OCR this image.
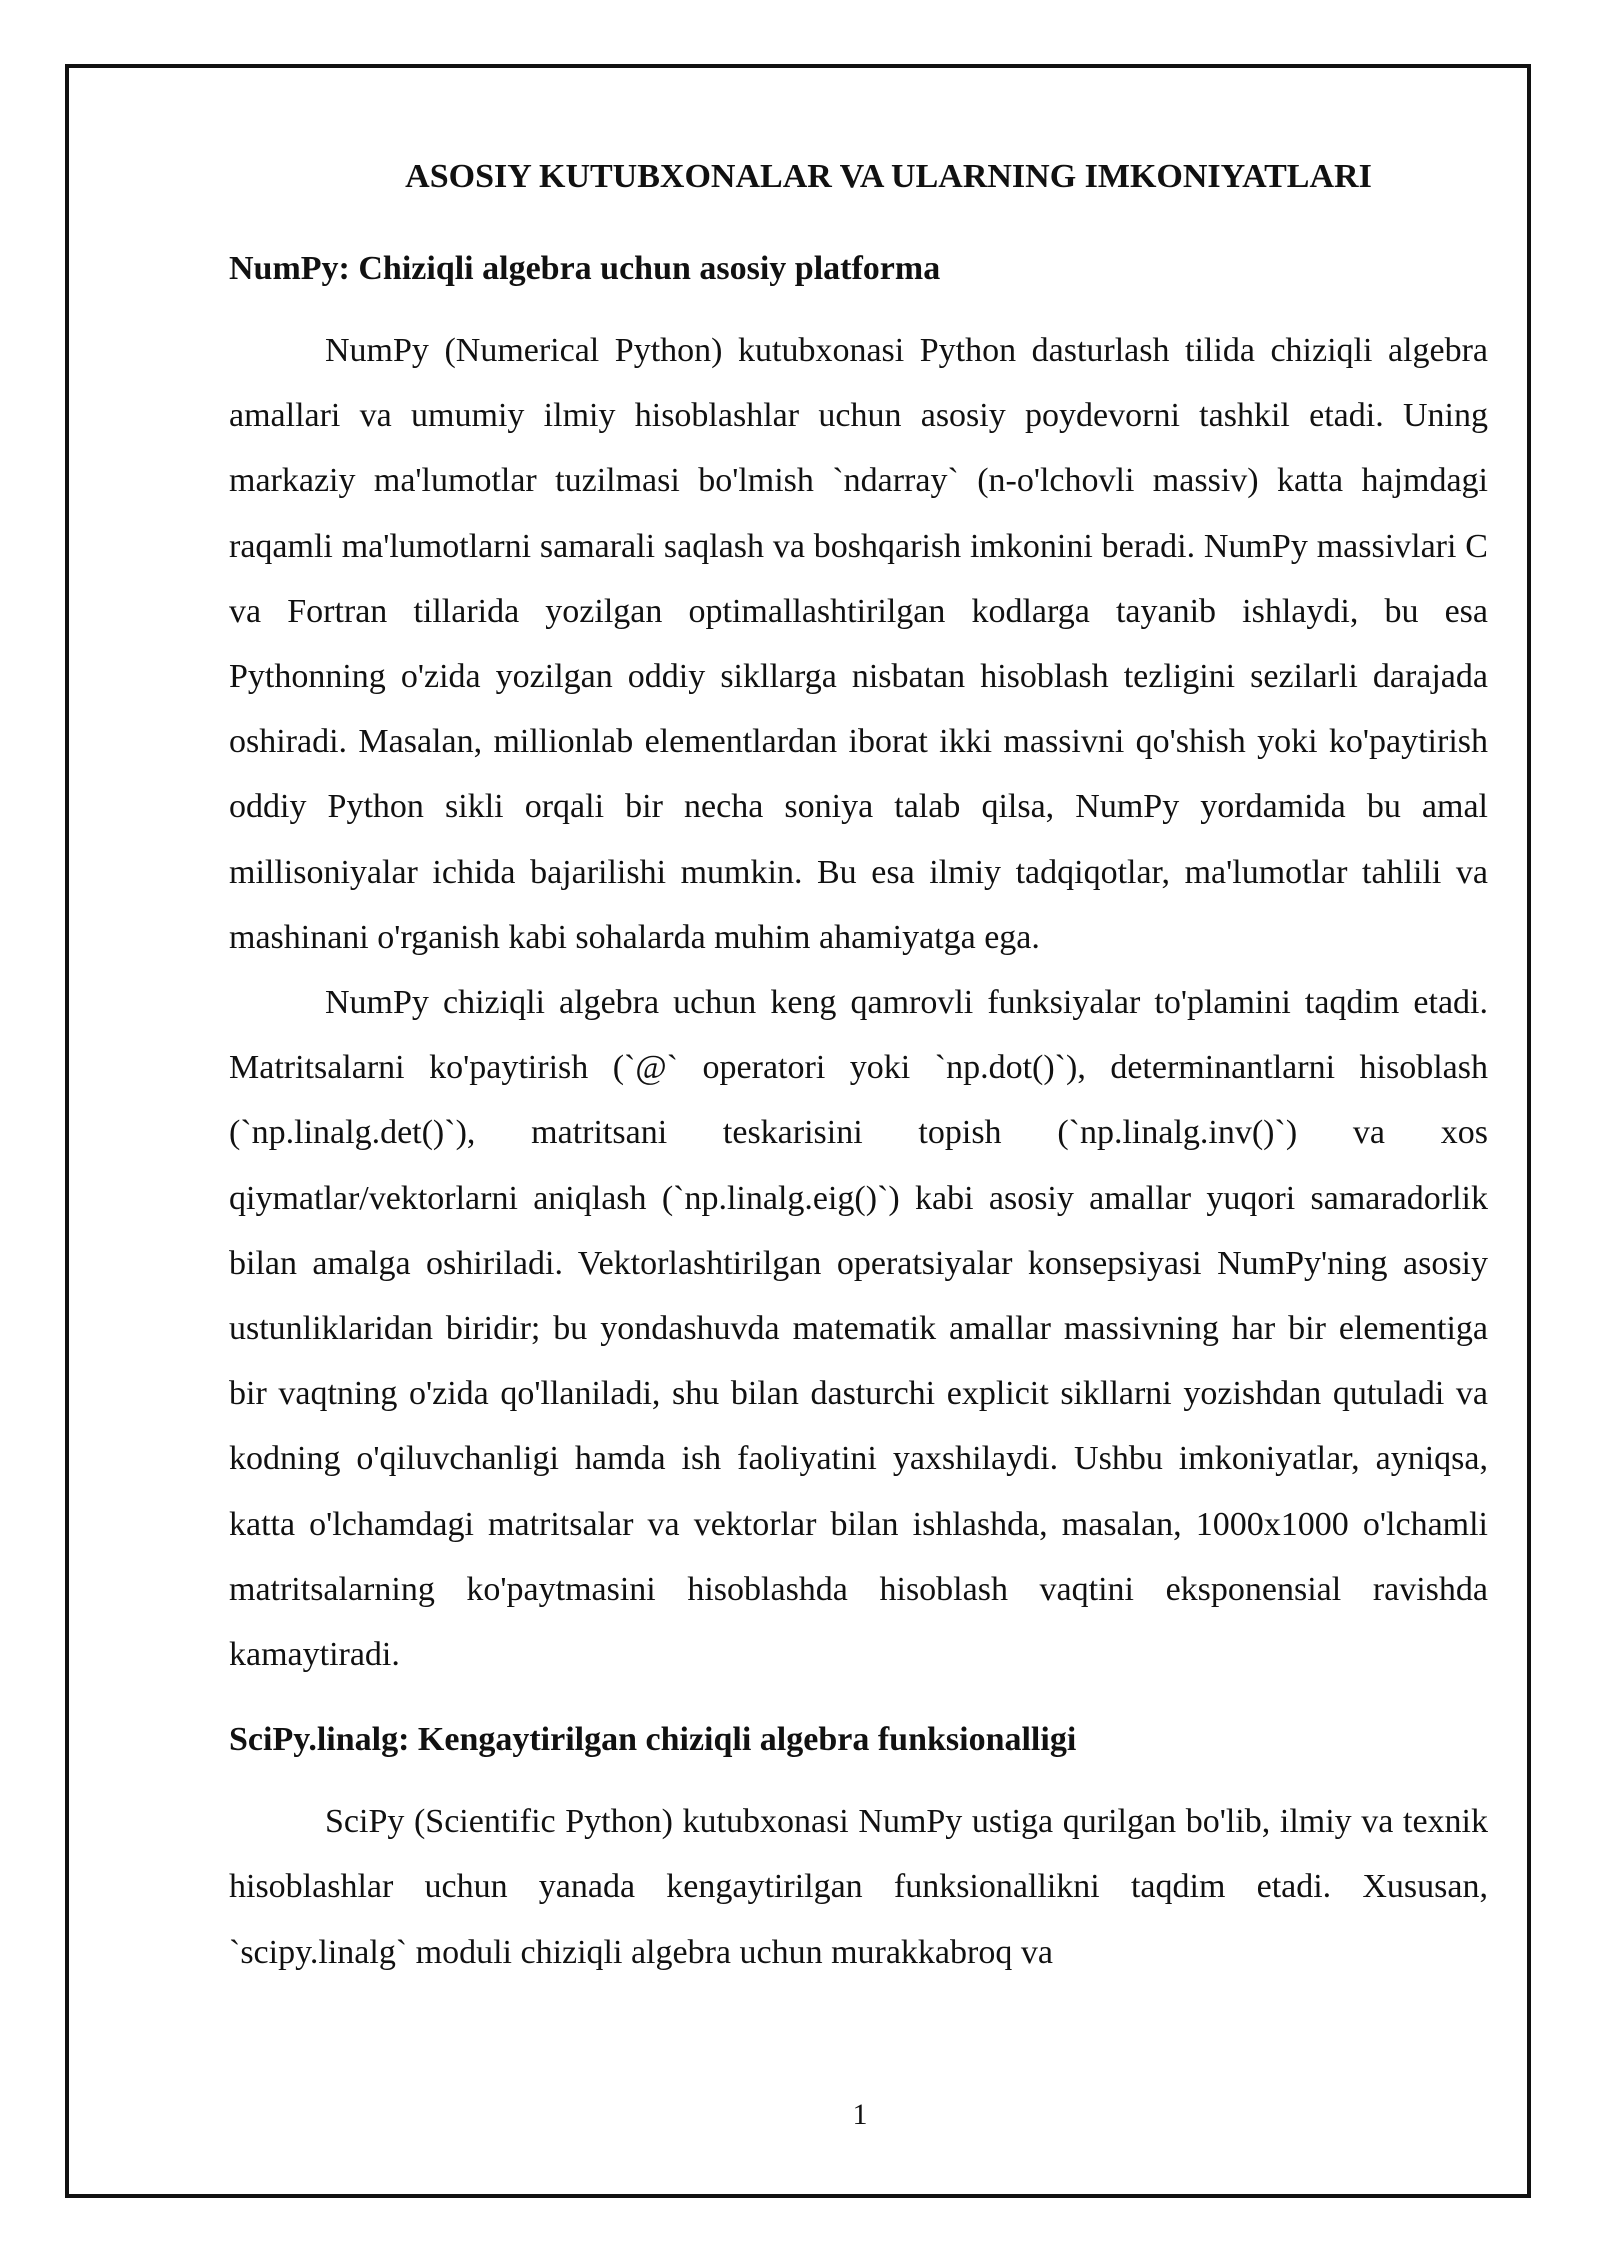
ASOSIY KUTUBXONALAR VA ULARNING IMKONIYATLARI
NumPy: Chiziqli algebra uchun asosiy platforma

NumPy (Numerical Python) kutubxonasi Python dasturlash tilida chiziqli algebra amallari va umumiy ilmiy hisoblashlar uchun asosiy poydevorni tashkil etadi. Uning markaziy ma'lumotlar tuzilmasi bo'lmish `ndarray` (n-o'lchovli massiv) katta hajmdagi raqamli ma'lumotlarni samarali saqlash va boshqarish imkonini beradi. NumPy massivlari C va Fortran tillarida yozilgan optimallashtirilgan kodlarga tayanib ishlaydi, bu esa Pythonning o'zida yozilgan oddiy sikllarga nisbatan hisoblash tezligini sezilarli darajada oshiradi. Masalan, millionlab elementlardan iborat ikki massivni qo'shish yoki ko'paytirish oddiy Python sikli orqali bir necha soniya talab qilsa, NumPy yordamida bu amal millisoniyalar ichida bajarilishi mumkin. Bu esa ilmiy tadqiqotlar, ma'lumotlar tahlili va mashinani o'rganish kabi sohalarda muhim ahamiyatga ega.

NumPy chiziqli algebra uchun keng qamrovli funksiyalar to'plamini taqdim etadi. Matritsalarni ko'paytirish (`@` operatori yoki `np.dot()`), determinantlarni hisoblash (`np.linalg.det()`), matritsani teskarisini topish (`np.linalg.inv()`) va xos qiymatlar/vektorlarni aniqlash (`np.linalg.eig()`) kabi asosiy amallar yuqori samaradorlik bilan amalga oshiriladi. Vektorlashtirilgan operatsiyalar konsepsiyasi NumPy'ning asosiy ustunliklaridan biridir; bu yondashuvda matematik amallar massivning har bir elementiga bir vaqtning o'zida qo'llaniladi, shu bilan dasturchi explicit sikllarni yozishdan qutuladi va kodning o'qiluvchanligi hamda ish faoliyatini yaxshilaydi. Ushbu imkoniyatlar, ayniqsa, katta o'lchamdagi matritsalar va vektorlar bilan ishlashda, masalan, 1000x1000 o'lchamli matritsalarning ko'paytmasini hisoblashda hisoblash vaqtini eksponensial ravishda kamaytiradi.

SciPy.linalg: Kengaytirilgan chiziqli algebra funksionalligi

SciPy (Scientific Python) kutubxonasi NumPy ustiga qurilgan bo'lib, ilmiy va texnik hisoblashlar uchun yanada kengaytirilgan funksionallikni taqdim etadi. Xususan, `scipy.linalg` moduli chiziqli algebra uchun murakkabroq va

1
